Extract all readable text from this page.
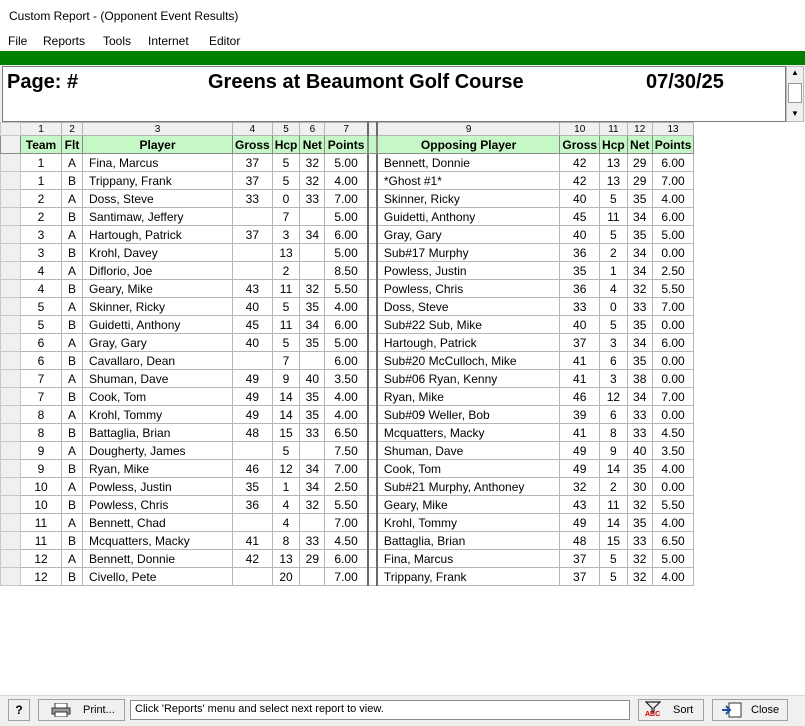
Custom Report - (Opponent Event Results)
File Reports Tools Internet Editor
Page: #	Greens at Beaumont Golf Course	07/30/25	▲
▼
	1	2	3	4	5	6	7		9	10	11	12	13
	Team	Flt	Player	Gross	Hcp	Net	Points		Opposing Player	Gross	Hcp	Net	Points
	1	A	Fina, Marcus	37	5	32	5.00		Bennett, Donnie	42	13	29	6.00
	1	B	Trippany, Frank	37	5	32	4.00		*Ghost #1*	42	13	29	7.00
	2	A	Doss, Steve	33	0	33	7.00		Skinner, Ricky	40	5	35	4.00
	2	B	Santimaw, Jeffery		7		5.00		Guidetti, Anthony	45	11	34	6.00
	3	A	Hartough, Patrick	37	3	34	6.00		Gray, Gary	40	5	35	5.00
	3	B	Krohl, Davey		13		5.00		Sub#17 Murphy	36	2	34	0.00
	4	A	Diflorio, Joe		2		8.50		Powless, Justin	35	1	34	2.50
	4	B	Geary, Mike	43	11	32	5.50		Powless, Chris	36	4	32	5.50
	5	A	Skinner, Ricky	40	5	35	4.00		Doss, Steve	33	0	33	7.00
	5	B	Guidetti, Anthony	45	11	34	6.00		Sub#22 Sub, Mike	40	5	35	0.00
	6	A	Gray, Gary	40	5	35	5.00		Hartough, Patrick	37	3	34	6.00
	6	B	Cavallaro, Dean		7		6.00		Sub#20 McCulloch, Mike	41	6	35	0.00
	7	A	Shuman, Dave	49	9	40	3.50		Sub#06 Ryan, Kenny	41	3	38	0.00
	7	B	Cook, Tom	49	14	35	4.00		Ryan, Mike	46	12	34	7.00
	8	A	Krohl, Tommy	49	14	35	4.00		Sub#09 Weller, Bob	39	6	33	0.00
	8	B	Battaglia, Brian	48	15	33	6.50		Mcquatters, Macky	41	8	33	4.50
	9	A	Dougherty, James		5		7.50		Shuman, Dave	49	9	40	3.50
	9	B	Ryan, Mike	46	12	34	7.00		Cook, Tom	49	14	35	4.00
	10	A	Powless, Justin	35	1	34	2.50		Sub#21 Murphy, Anthoney	32	2	30	0.00
	10	B	Powless, Chris	36	4	32	5.50		Geary, Mike	43	11	32	5.50
	11	A	Bennett, Chad		4		7.00		Krohl, Tommy	49	14	35	4.00
	11	B	Mcquatters, Macky	41	8	33	4.50		Battaglia, Brian	48	15	33	6.50
	12	A	Bennett, Donnie	42	13	29	6.00		Fina, Marcus	37	5	32	5.00
	12	B	Civello, Pete		20		7.00		Trippany, Frank	37	5	32	4.00
?	Print...	Click 'Reports' menu and select next report to view.	ABC Sort	Close
